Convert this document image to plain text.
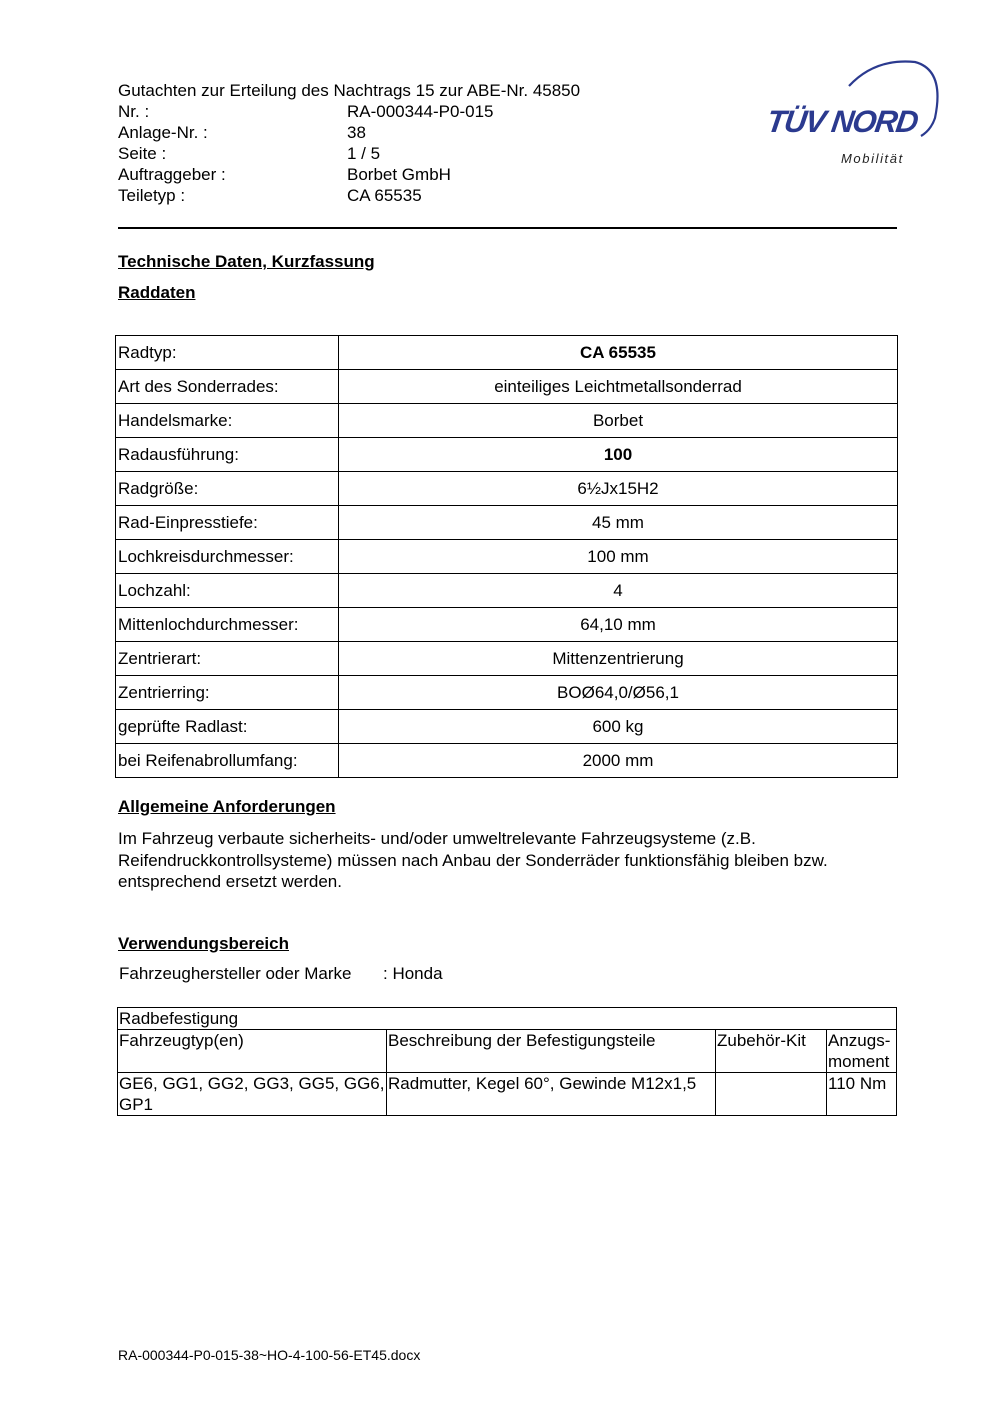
Gutachten zur Erteilung des Nachtrags 15 zur ABE-Nr. 45850
Nr. :	RA-000344-P0-015
Anlage-Nr. :	38
Seite :	1 / 5
Auftraggeber :	Borbet GmbH
Teiletyp :	CA 65535
TÜV NORD
Mobilität
Technische Daten, Kurzfassung
Raddaten
Radtyp:	CA 65535
Art des Sonderrades:	einteiliges Leichtmetallsonderrad
Handelsmarke:	Borbet
Radausführung:	100
Radgröße:	6½Jx15H2
Rad-Einpresstiefe:	45 mm
Lochkreisdurchmesser:	100 mm
Lochzahl:	4
Mittenlochdurchmesser:	64,10 mm
Zentrierart:	Mittenzentrierung
Zentrierring:	BOØ64,0/Ø56,1
geprüfte Radlast:	600 kg
bei Reifenabrollumfang:	2000 mm
Allgemeine Anforderungen
Im Fahrzeug verbaute sicherheits- und/oder umweltrelevante Fahrzeugsysteme (z.B. Reifendruckkontrollsysteme) müssen nach Anbau der Sonderräder funktionsfähig bleiben bzw. entsprechend ersetzt werden.
Verwendungsbereich
Fahrzeughersteller oder Marke	: Honda
Radbefestigung			
Fahrzeugtyp(en)	Beschreibung der Befestigungsteile	Zubehör-Kit	Anzugs-moment
GE6, GG1, GG2, GG3, GG5, GG6, GP1	Radmutter, Kegel 60°, Gewinde M12x1,5		110 Nm
RA-000344-P0-015-38~HO-4-100-56-ET45.docx
